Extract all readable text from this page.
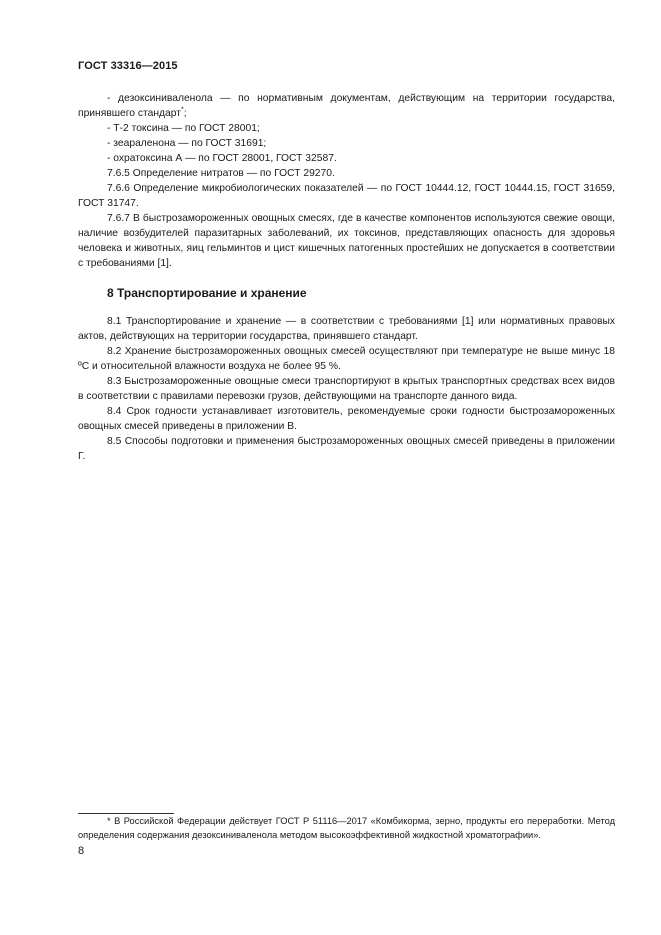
ГОСТ 33316—2015

- дезоксиниваленола — по нормативным документам, действующим на территории государства, принявшего стандарт*;

- Т-2 токсина — по ГОСТ 28001;

- зеараленона — по ГОСТ 31691;

- охратоксина А — по ГОСТ 28001, ГОСТ 32587.

7.6.5 Определение нитратов — по ГОСТ 29270.

7.6.6 Определение микробиологических показателей — по ГОСТ 10444.12, ГОСТ 10444.15, ГОСТ 31659, ГОСТ 31747.

7.6.7 В быстрозамороженных овощных смесях, где в качестве компонентов используются свежие овощи, наличие возбудителей паразитарных заболеваний, их токсинов, представляющих опасность для здоровья человека и животных, яиц гельминтов и цист кишечных патогенных простейших не допускается в соответствии с требованиями [1].

8 Транспортирование и хранение

8.1 Транспортирование и хранение — в соответствии с требованиями [1] или нормативных правовых актов, действующих на территории государства, принявшего стандарт.

8.2 Хранение быстрозамороженных овощных смесей осуществляют при температуре не выше минус 18 ºС и относительной влажности воздуха не более 95 %.

8.3 Быстрозамороженные овощные смеси транспортируют в крытых транспортных средствах всех видов в соответствии с правилами перевозки грузов, действующими на транспорте данного вида.

8.4 Срок годности устанавливает изготовитель, рекомендуемые сроки годности быстрозамороженных овощных смесей приведены в приложении В.

8.5 Способы подготовки и применения быстрозамороженных овощных смесей приведены в приложении Г.

* В Российской Федерации действует ГОСТ Р 51116—2017 «Комбикорма, зерно, продукты его переработки. Метод определения содержания дезоксиниваленола методом высокоэффективной жидкостной хроматографии».

8
